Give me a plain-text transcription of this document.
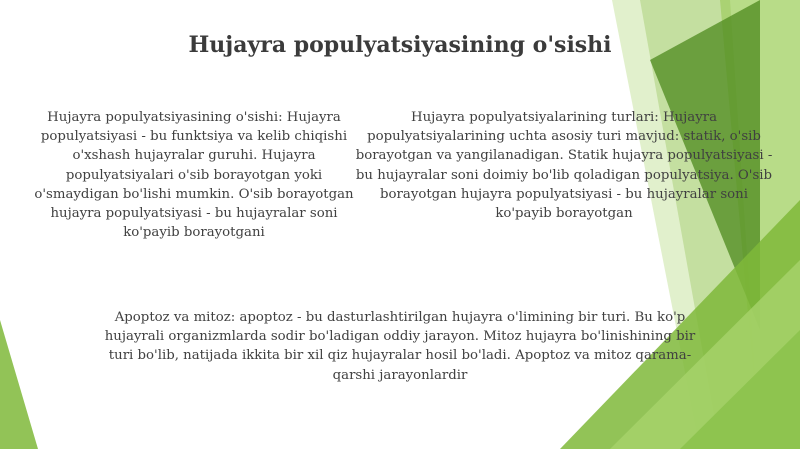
Hujayra populyatsiyasining o'sishi
Hujayra populyatsiyasining o'sishi: Hujayra populyatsiyasi - bu funktsiya va kelib chiqishi o'xshash hujayralar guruhi. Hujayra populyatsiyalari o'sib borayotgan yoki o'smaydigan bo'lishi mumkin. O'sib borayotgan hujayra populyatsiyasi - bu hujayralar soni ko'payib borayotgani
Hujayra populyatsiyalarining turlari: Hujayra populyatsiyalarining uchta asosiy turi mavjud: statik, o'sib borayotgan va yangilanadigan. Statik hujayra populyatsiyasi - bu hujayralar soni doimiy bo'lib qoladigan populyatsiya. O'sib borayotgan hujayra populyatsiyasi - bu hujayralar soni ko'payib borayotgan
Apoptoz va mitoz: apoptoz - bu dasturlashtirilgan hujayra o'limining bir turi. Bu ko'p hujayrali organizmlarda sodir bo'ladigan oddiy jarayon. Mitoz hujayra bo'linishining bir turi bo'lib, natijada ikkita bir xil qiz hujayralar hosil bo'ladi. Apoptoz va mitoz qarama-qarshi jarayonlardir
